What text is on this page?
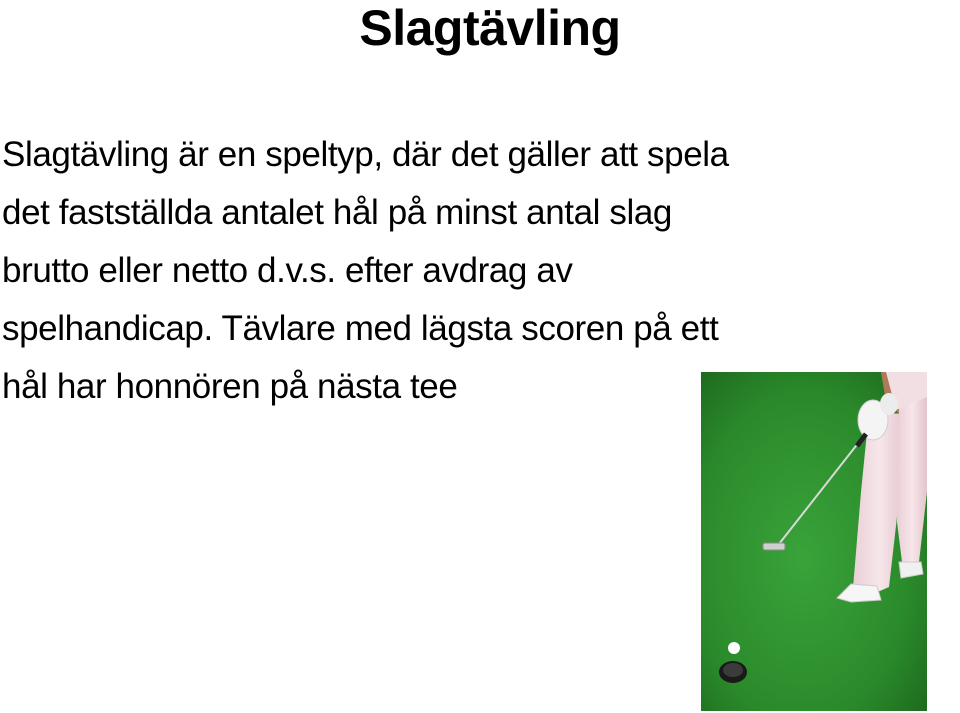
Slagtävling
Slagtävling är en speltyp, där det gäller att spela
det fastställda antalet hål på minst antal slag
brutto eller netto d.v.s. efter avdrag av
spelhandicap. Tävlare med lägsta scoren på ett
hål har honnören på nästa tee
